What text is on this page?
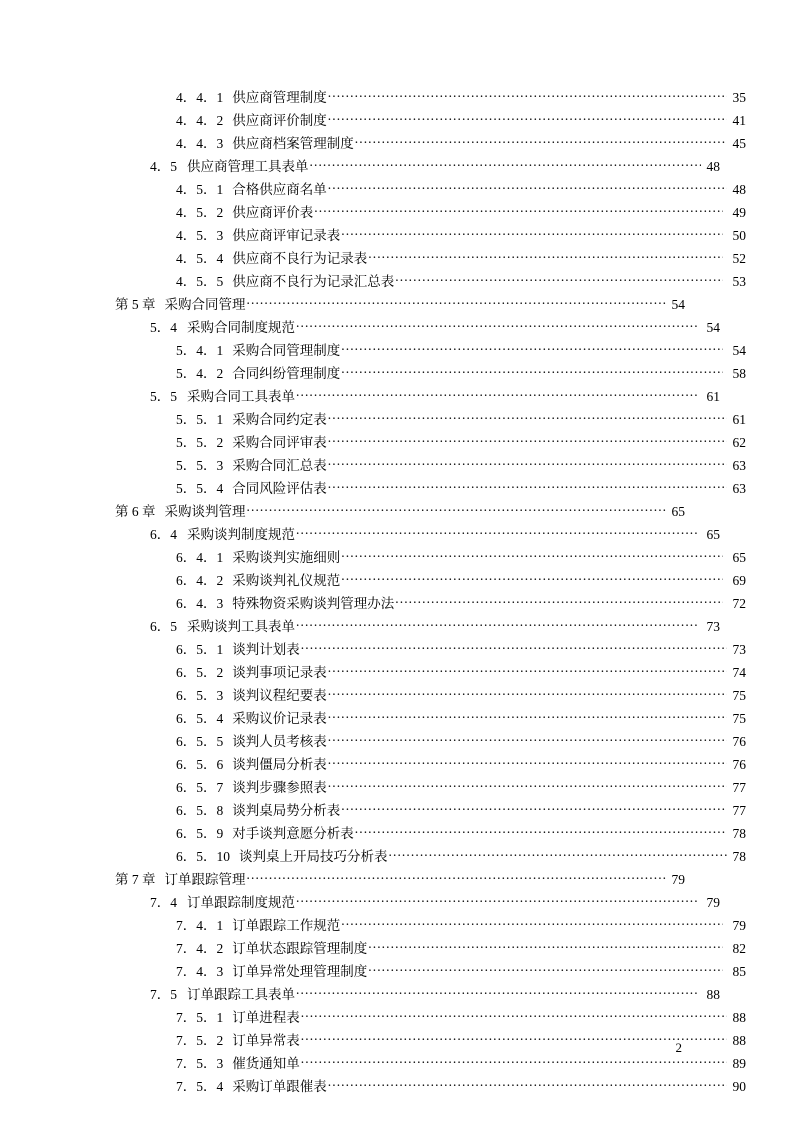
4．4．1 供应商管理制度 .....	35
4．4．2 供应商评价制度 .....	41
4．4．3 供应商档案管理制度 .....	45
4．5 供应商管理工具表单 .....	48
4．5．1 合格供应商名单 .....	48
4．5．2 供应商评价表 .....	49
4．5．3 供应商评审记录表 .....	50
4．5．4 供应商不良行为记录表 .....	52
4．5．5 供应商不良行为记录汇总表 .....	53
第 5 章 采购合同管理 .....	54
5．4 采购合同制度规范 .....	54
5．4．1 采购合同管理制度 .....	54
5．4．2 合同纠纷管理制度 .....	58
5．5 采购合同工具表单 .....	61
5．5．1 采购合同约定表 .....	61
5．5．2 采购合同评审表 .....	62
5．5．3 采购合同汇总表 .....	63
5．5．4 合同风险评估表 .....	63
第 6 章 采购谈判管理 .....	65
6．4 采购谈判制度规范 .....	65
6．4．1 采购谈判实施细则 .....	65
6．4．2 采购谈判礼仪规范 .....	69
6．4．3 特殊物资采购谈判管理办法 .....	72
6．5 采购谈判工具表单 .....	73
6．5．1 谈判计划表 .....	73
6．5．2 谈判事项记录表 .....	74
6．5．3 谈判议程纪要表 .....	75
6．5．4 采购议价记录表 .....	75
6．5．5 谈判人员考核表 .....	76
6．5．6 谈判僵局分析表 .....	76
6．5．7 谈判步骤参照表 .....	77
6．5．8 谈判桌局势分析表 .....	77
6．5．9 对手谈判意愿分析表 .....	78
6．5．10 谈判桌上开局技巧分析表 .....	78
第 7 章 订单跟踪管理 .....	79
7．4 订单跟踪制度规范 .....	79
7．4．1 订单跟踪工作规范 .....	79
7．4．2 订单状态跟踪管理制度 .....	82
7．4．3 订单异常处理管理制度 .....	85
7．5 订单跟踪工具表单 .....	88
7．5．1 订单进程表 .....	88
7．5．2 订单异常表 .....	88
7．5．3 催货通知单 .....	89
7．5．4 采购订单跟催表 .....	90
2
